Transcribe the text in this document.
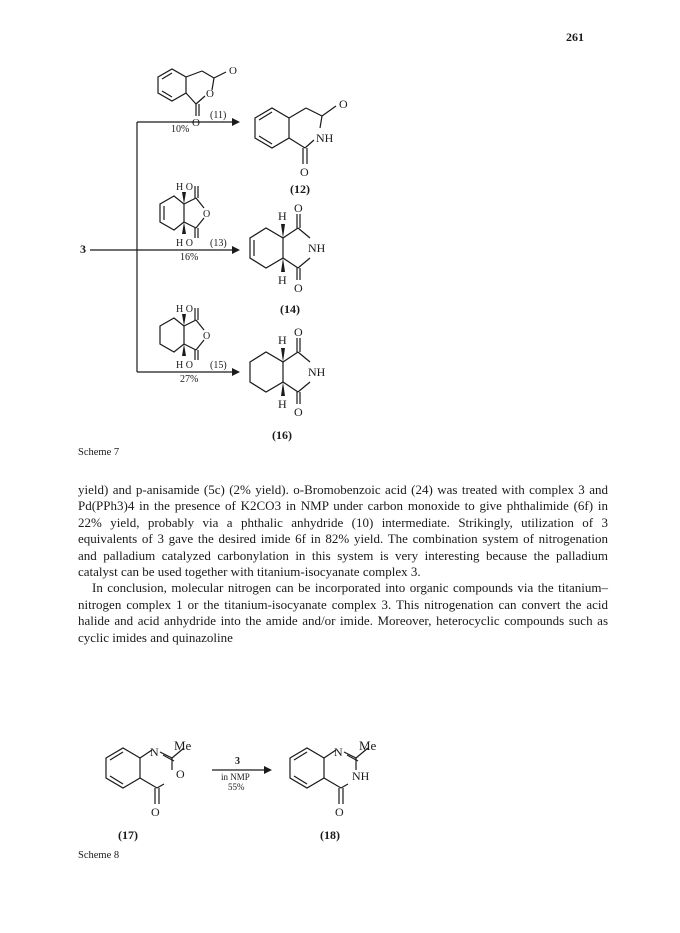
261
O
O
O
O
NH
O
H O
O
H O
H
O
NH
H
O
H O
O
H O
H
O
NH
H
O
3
(11)
10%
(12)
(13)
16%
(14)
(15)
27%
(16)
Scheme 7

yield) and p-anisamide (5c) (2% yield). o-Bromobenzoic acid (24) was treated with complex 3 and Pd(PPh3)4 in the presence of K2CO3 in NMP under carbon monoxide to give phthalimide (6f) in 22% yield, probably via a phthalic anhydride (10) intermediate. Strikingly, utilization of 3 equivalents of 3 gave the desired imide 6f in 82% yield. The combination system of nitrogenation and palladium catalyzed carbonylation in this system is very interesting because the palladium catalyst can be used together with titanium-isocyanate complex 3.

In conclusion, molecular nitrogen can be incorporated into organic compounds via the titanium–nitrogen complex 1 or the titanium-isocyanate complex 3. This nitrogenation can convert the acid halide and acid anhydride into the amide and/or imide. Moreover, heterocyclic compounds such as cyclic imides and quinazoline

N
O
O
Me	N
NH
O
Me
3
in NMP
55%
(17)	(18)
Scheme 8
